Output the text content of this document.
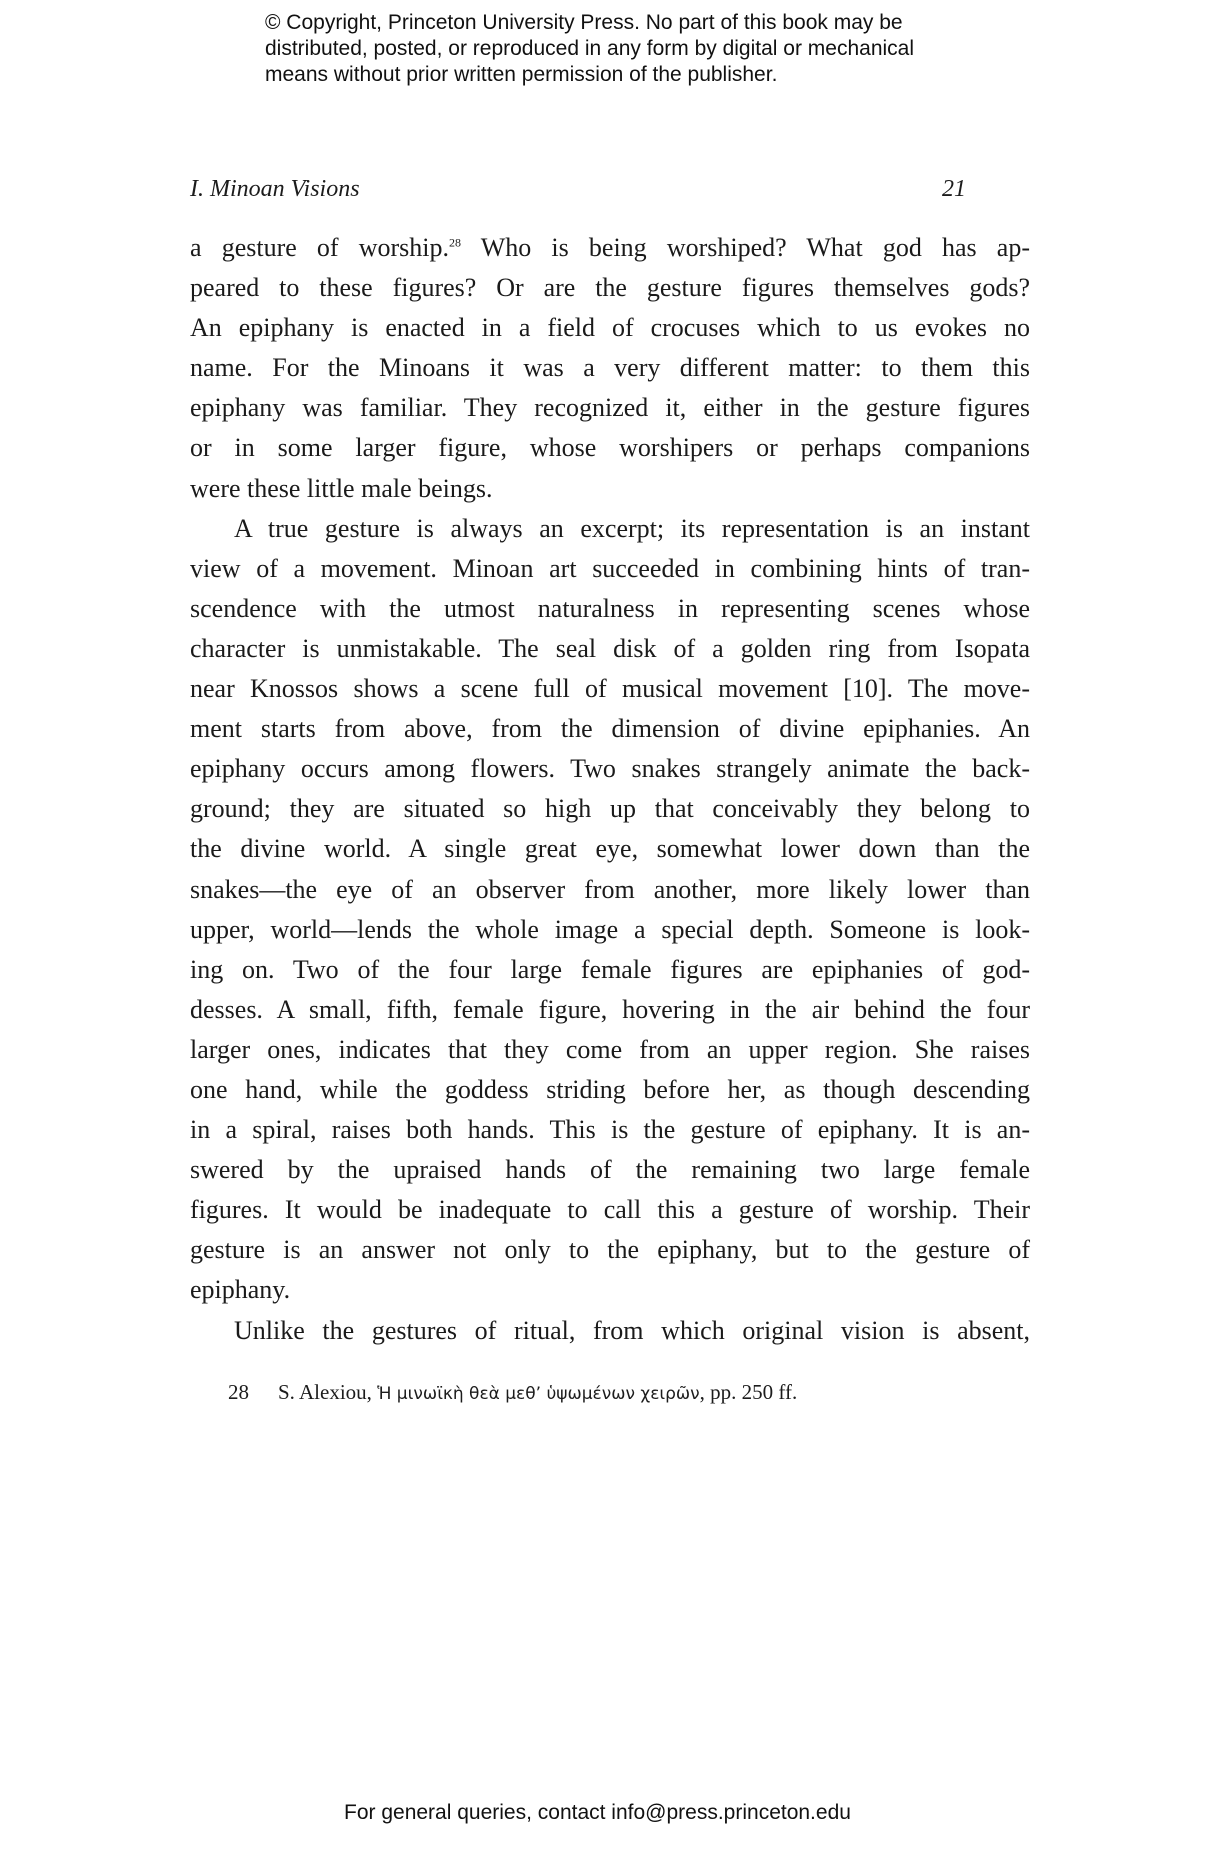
© Copyright, Princeton University Press. No part of this book may be
distributed, posted, or reproduced in any form by digital or mechanical
means without prior written permission of the publisher.
I. Minoan Visions	21
a gesture of worship.$^{28}$ Who is being worshiped? What god has ap-
peared to these figures? Or are the gesture figures themselves gods?
An epiphany is enacted in a field of crocuses which to us evokes no
name. For the Minoans it was a very different matter: to them this
epiphany was familiar. They recognized it, either in the gesture figures
or in some larger figure, whose worshipers or perhaps companions
were these little male beings.
A true gesture is always an excerpt; its representation is an instant
view of a movement. Minoan art succeeded in combining hints of tran-
scendence with the utmost naturalness in representing scenes whose
character is unmistakable. The seal disk of a golden ring from Isopata
near Knossos shows a scene full of musical movement [10]. The move-
ment starts from above, from the dimension of divine epiphanies. An
epiphany occurs among flowers. Two snakes strangely animate the back-
ground; they are situated so high up that conceivably they belong to
the divine world. A single great eye, somewhat lower down than the
snakes—the eye of an observer from another, more likely lower than
upper, world—lends the whole image a special depth. Someone is look-
ing on. Two of the four large female figures are epiphanies of god-
desses. A small, fifth, female figure, hovering in the air behind the four
larger ones, indicates that they come from an upper region. She raises
one hand, while the goddess striding before her, as though descending
in a spiral, raises both hands. This is the gesture of epiphany. It is an-
swered by the upraised hands of the remaining two large female
figures. It would be inadequate to call this a gesture of worship. Their
gesture is an answer not only to the epiphany, but to the gesture of
epiphany.
Unlike the gestures of ritual, from which original vision is absent,
28 S. Alexiou, Ἡ μινωϊκὴ θεὰ μεθ’ ὑψωμένων χειρῶν, pp. 250 ff.
For general queries, contact info@press.princeton.edu
